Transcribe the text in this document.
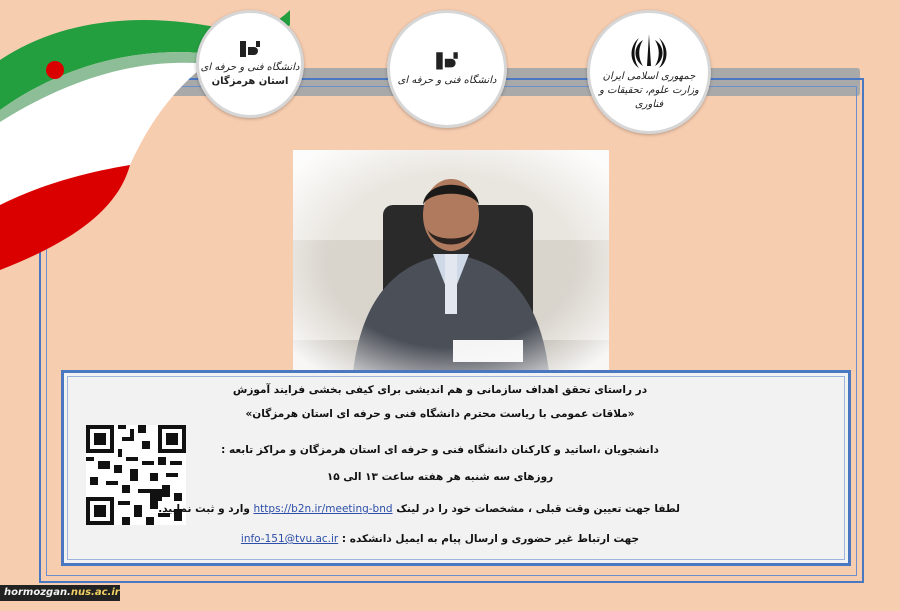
دانشگاه فنی و حرفه ای
استان هرمزگان	دانشگاه فنی و حرفه ای	جمهوری اسلامی ایران
وزارت علوم، تحقیقات و فناوری
در راستای تحقق اهداف سازمانی و هم اندیشی برای کیفی بخشی فرایند آموزش
«ملاقات عمومی با ریاست محترم دانشگاه فنی و حرفه ای استان هرمزگان»
دانشجویان ،اساتید و کارکنان دانشگاه فنی و حرفه ای استان هرمزگان و مراکز تابعه :
روزهای سه شنبه هر هفته ساعت ۱۳ الی ۱۵
لطفا جهت تعیین وقت قبلی ، مشخصات خود را در لینک https://b2n.ir/meeting-bnd وارد و ثبت نمایید.
جهت ارتباط غیر حضوری و ارسال پیام به ایمیل دانشکده : info-151@tvu.ac.ir
hormozgan.nus.ac.ir
